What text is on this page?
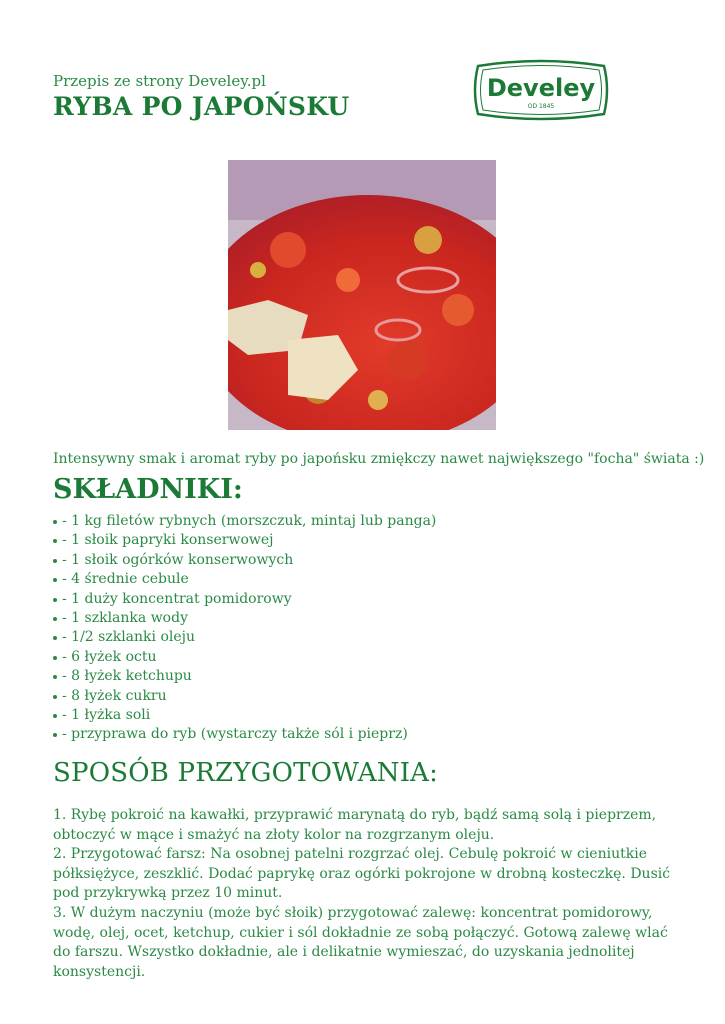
Przepis ze strony Develey.pl
RYBA PO JAPOŃSKU
Develey
OD 1845
Intensywny smak i aromat ryby po japońsku zmiękczy nawet największego "focha" świata :)
SKŁADNIKI:
- 1 kg filetów rybnych (morszczuk, mintaj lub panga)
- 1 słoik papryki konserwowej
- 1 słoik ogórków konserwowych
- 4 średnie cebule
- 1 duży koncentrat pomidorowy
- 1 szklanka wody
- 1/2 szklanki oleju
- 6 łyżek octu
- 8 łyżek ketchupu
- 8 łyżek cukru
- 1 łyżka soli
- przyprawa do ryb (wystarczy także sól i pieprz)
SPOSÓB PRZYGOTOWANIA:

1. Rybę pokroić na kawałki, przyprawić marynatą do ryb, bądź samą solą i pieprzem, obtoczyć w mące i smażyć na złoty kolor na rozgrzanym oleju.

2. Przygotować farsz: Na osobnej patelni rozgrzać olej. Cebulę pokroić w cieniutkie półksiężyce, zeszklić. Dodać paprykę oraz ogórki pokrojone w drobną kosteczkę. Dusić pod przykrywką przez 10 minut.

3. W dużym naczyniu (może być słoik) przygotować zalewę: koncentrat pomidorowy, wodę, olej, ocet, ketchup, cukier i sól dokładnie ze sobą połączyć. Gotową zalewę wlać do farszu. Wszystko dokładnie, ale i delikatnie wymieszać, do uzyskania jednolitej konsystencji.
